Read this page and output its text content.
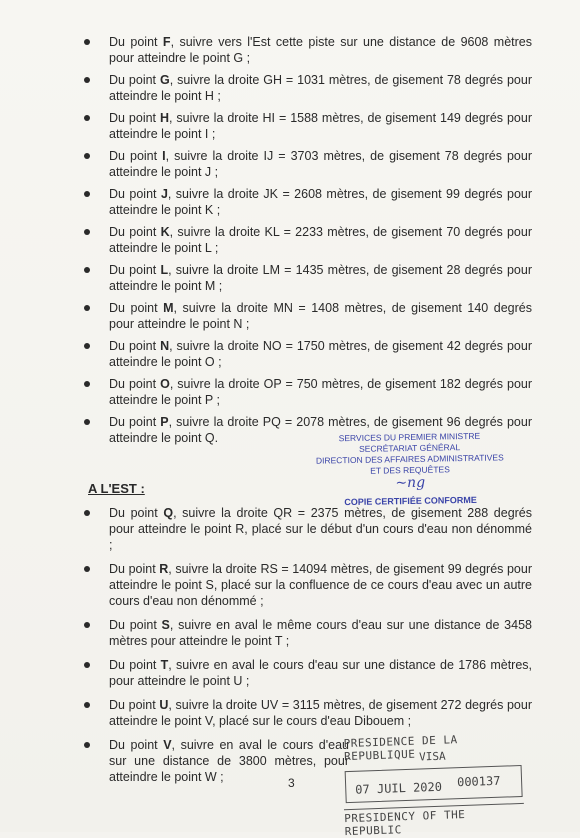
Du point F, suivre vers l'Est cette piste sur une distance de 9608 mètres pour atteindre le point G ;
Du point G, suivre la droite GH = 1031 mètres, de gisement 78 degrés pour atteindre le point H ;
Du point H, suivre la droite HI = 1588 mètres, de gisement 149 degrés pour atteindre le point I ;
Du point I, suivre la droite IJ = 3703 mètres, de gisement 78 degrés pour atteindre le point J ;
Du point J, suivre la droite JK = 2608 mètres, de gisement 99 degrés pour atteindre le point K ;
Du point K, suivre la droite KL = 2233 mètres, de gisement 70 degrés pour atteindre le point L ;
Du point L, suivre la droite LM = 1435 mètres, de gisement 28 degrés pour atteindre le point M ;
Du point M, suivre la droite MN = 1408 mètres, de gisement 140 degrés pour atteindre le point N ;
Du point N, suivre la droite NO = 1750 mètres, de gisement 42 degrés pour atteindre le point O ;
Du point O, suivre la droite OP = 750 mètres, de gisement 182 degrés pour atteindre le point P ;
Du point P, suivre la droite PQ = 2078 mètres, de gisement 96 degrés pour atteindre le point Q.	SERVICES DU PREMIER MINISTRE
SECRÉTARIAT GÉNÉRAL
DIRECTION DES AFFAIRES ADMINISTRATIVES
ET DES REQUÊTES
~ng
COPIE CERTIFIÉE CONFORME
A L'EST :
Du point Q, suivre la droite QR = 2375 mètres, de gisement 288 degrés pour atteindre le point R, placé sur le début d'un cours d'eau non dénommé ;
Du point R, suivre la droite RS = 14094 mètres, de gisement 99 degrés pour atteindre le point S, placé sur la confluence de ce cours d'eau avec un autre cours d'eau non dénommé ;
Du point S, suivre en aval le même cours d'eau sur une distance de 3458 mètres pour atteindre le point T ;
Du point T, suivre en aval le cours d'eau sur une distance de 1786 mètres, pour atteindre le point U ;
Du point U, suivre la droite UV = 3115 mètres, de gisement 272 degrés pour atteindre le point V, placé sur le cours d'eau Dibouem ;
Du point V, suivre en aval le cours d'eau sur une distance de 3800 mètres, pour atteindre le point W ;	3
PRESIDENCE DE LA REPUBLIQUE VISA
07 JUIL 2020 000137
PRESIDENCY OF THE REPUBLIC
